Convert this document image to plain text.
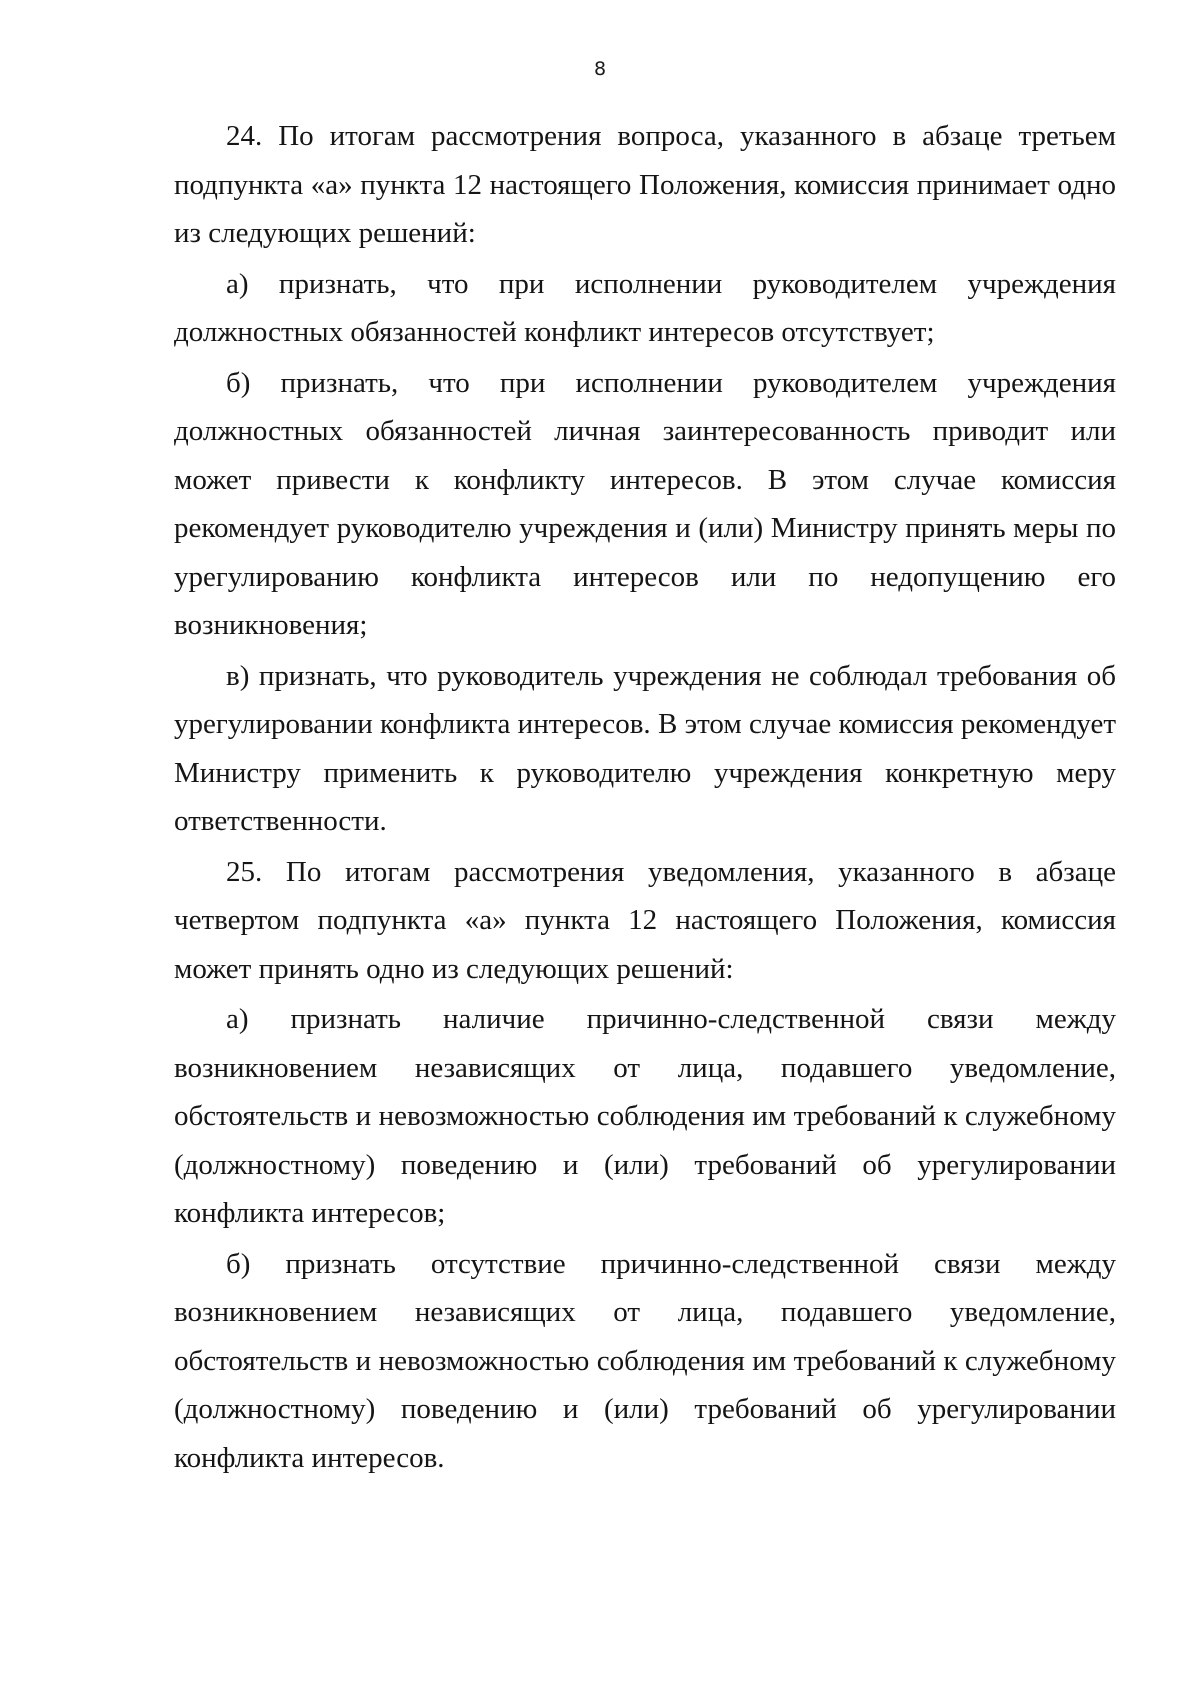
8

24. По итогам рассмотрения вопроса, указанного в абзаце третьем подпункта «а» пункта 12 настоящего Положения, комиссия принимает одно из следующих решений:

а) признать, что при исполнении руководителем учреждения должностных обязанностей конфликт интересов отсутствует;

б) признать, что при исполнении руководителем учреждения должностных обязанностей личная заинтересованность приводит или может привести к конфликту интересов. В этом случае комиссия рекомендует руководителю учреждения и (или) Министру принять меры по урегулированию конфликта интересов или по недопущению его возникновения;

в) признать, что руководитель учреждения не соблюдал требования об урегулировании конфликта интересов. В этом случае комиссия рекомендует Министру применить к руководителю учреждения конкретную меру ответственности.

25. По итогам рассмотрения уведомления, указанного в абзаце четвертом подпункта «а» пункта 12 настоящего Положения, комиссия может принять одно из следующих решений:

а) признать наличие причинно-следственной связи между возникновением независящих от лица, подавшего уведомление, обстоятельств и невозможностью соблюдения им требований к служебному (должностному) поведению и (или) требований об урегулировании конфликта интересов;

б) признать отсутствие причинно-следственной связи между возникновением независящих от лица, подавшего уведомление, обстоятельств и невозможностью соблюдения им требований к служебному (должностному) поведению и (или) требований об урегулировании конфликта интересов.
